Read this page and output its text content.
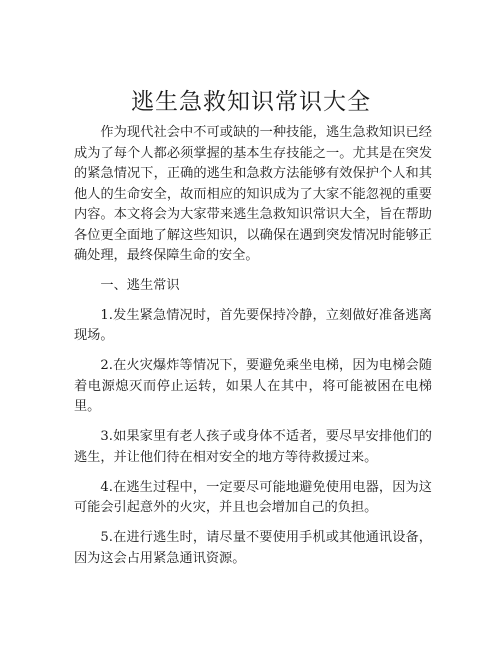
逃生急救知识常识大全

作为现代社会中不可或缺的一种技能，逃生急救知识已经成为了每个人都必须掌握的基本生存技能之一。尤其是在突发的紧急情况下，正确的逃生和急救方法能够有效保护个人和其他人的生命安全，故而相应的知识成为了大家不能忽视的重要内容。本文将会为大家带来逃生急救知识常识大全，旨在帮助各位更全面地了解这些知识，以确保在遇到突发情况时能够正确处理，最终保障生命的安全。

一、逃生常识

1.发生紧急情况时，首先要保持冷静，立刻做好准备逃离现场。

2.在火灾爆炸等情况下，要避免乘坐电梯，因为电梯会随着电源熄灭而停止运转，如果人在其中，将可能被困在电梯里。

3.如果家里有老人孩子或身体不适者，要尽早安排他们的逃生，并让他们待在相对安全的地方等待救援过来。

4.在逃生过程中，一定要尽可能地避免使用电器，因为这可能会引起意外的火灾，并且也会增加自己的负担。

5.在进行逃生时，请尽量不要使用手机或其他通讯设备，因为这会占用紧急通讯资源。
